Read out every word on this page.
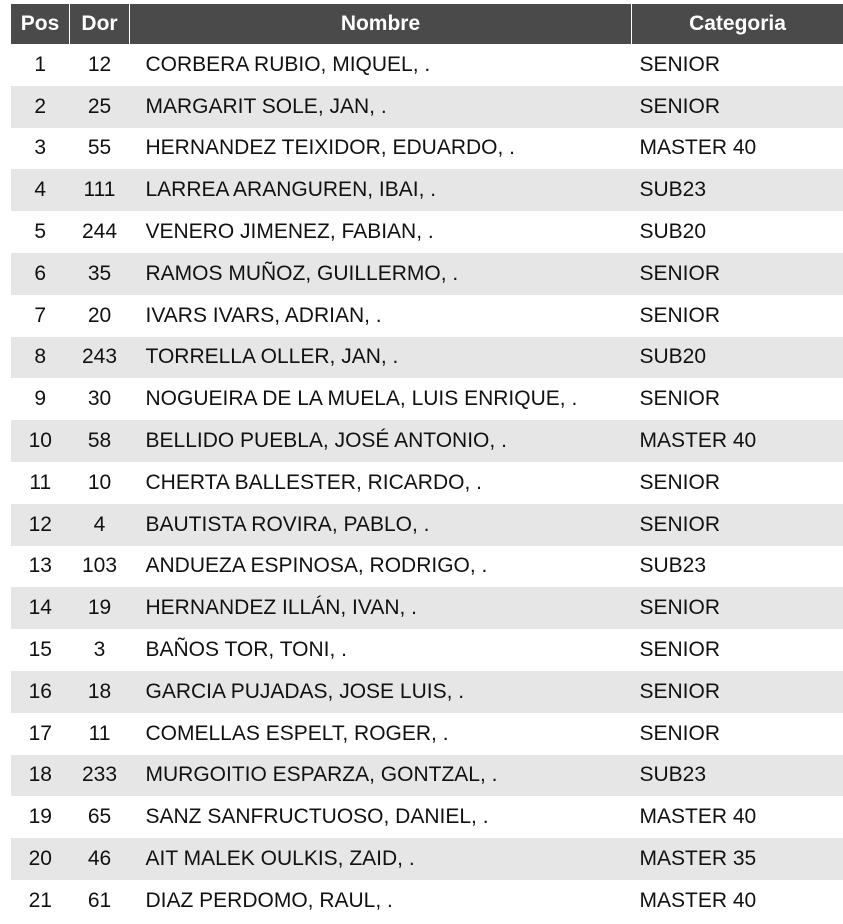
Pos	Dor	Nombre	Categoria
1	12	CORBERA RUBIO, MIQUEL, .	SENIOR
2	25	MARGARIT SOLE, JAN, .	SENIOR
3	55	HERNANDEZ TEIXIDOR, EDUARDO, .	MASTER 40
4	111	LARREA ARANGUREN, IBAI, .	SUB23
5	244	VENERO JIMENEZ, FABIAN, .	SUB20
6	35	RAMOS MUÑOZ, GUILLERMO, .	SENIOR
7	20	IVARS IVARS, ADRIAN, .	SENIOR
8	243	TORRELLA OLLER, JAN, .	SUB20
9	30	NOGUEIRA DE LA MUELA, LUIS ENRIQUE, .	SENIOR
10	58	BELLIDO PUEBLA, JOSÉ ANTONIO, .	MASTER 40
11	10	CHERTA BALLESTER, RICARDO, .	SENIOR
12	4	BAUTISTA ROVIRA, PABLO, .	SENIOR
13	103	ANDUEZA ESPINOSA, RODRIGO, .	SUB23
14	19	HERNANDEZ ILLÁN, IVAN, .	SENIOR
15	3	BAÑOS TOR, TONI, .	SENIOR
16	18	GARCIA PUJADAS, JOSE LUIS, .	SENIOR
17	11	COMELLAS ESPELT, ROGER, .	SENIOR
18	233	MURGOITIO ESPARZA, GONTZAL, .	SUB23
19	65	SANZ SANFRUCTUOSO, DANIEL, .	MASTER 40
20	46	AIT MALEK OULKIS, ZAID, .	MASTER 35
21	61	DIAZ PERDOMO, RAUL, .	MASTER 40
